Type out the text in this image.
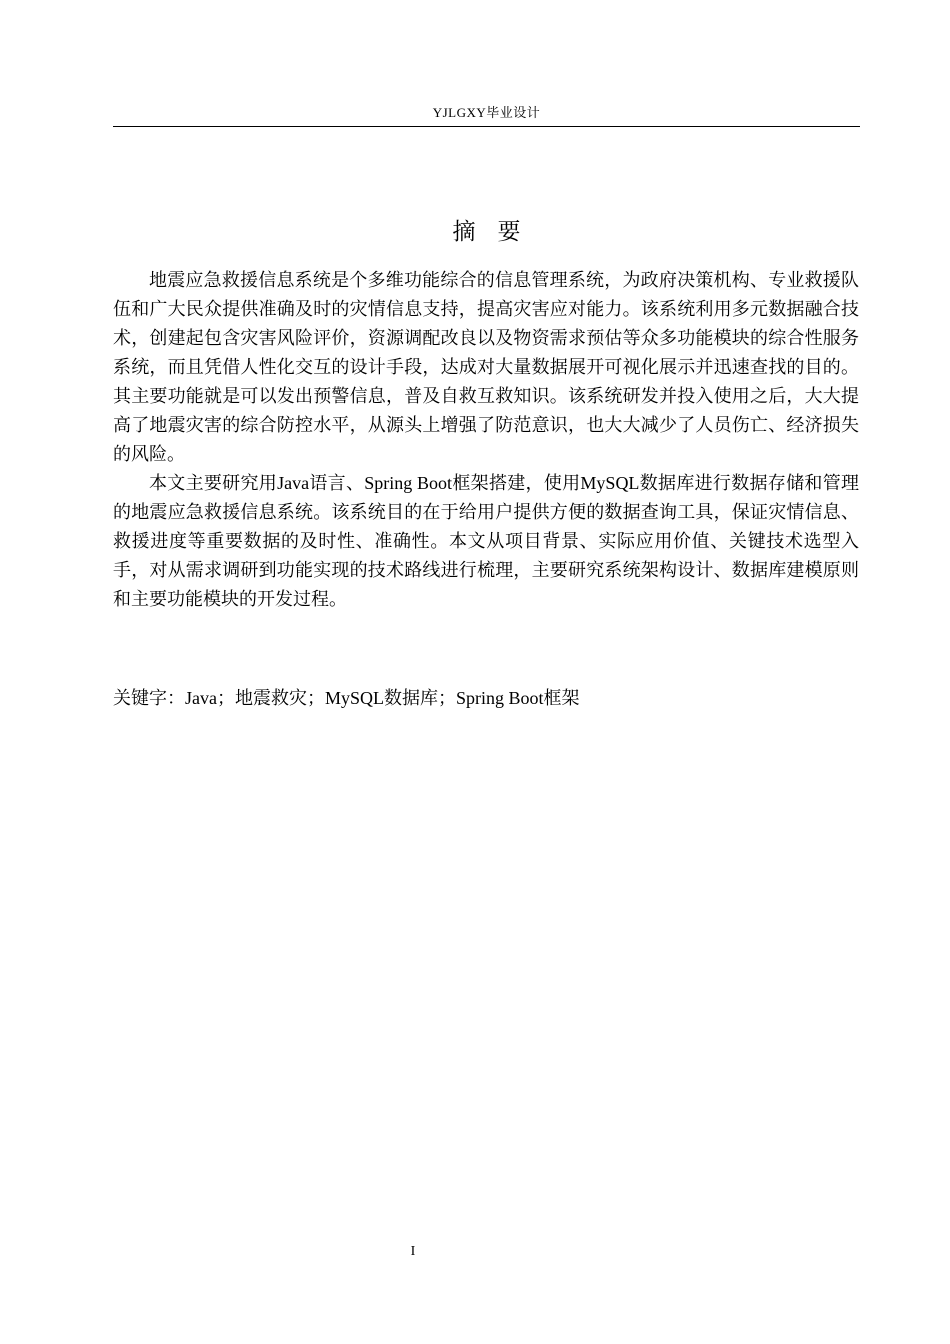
YJLGXY毕业设计
摘要

地震应急救援信息系统是个多维功能综合的信息管理系统，为政府决策机构、专业救援队伍和广大民众提供准确及时的灾情信息支持，提高灾害应对能力。该系统利用多元数据融合技术，创建起包含灾害风险评价，资源调配改良以及物资需求预估等众多功能模块的综合性服务系统，而且凭借人性化交互的设计手段，达成对大量数据展开可视化展示并迅速查找的目的。其主要功能就是可以发出预警信息，普及自救互救知识。该系统研发并投入使用之后，大大提高了地震灾害的综合防控水平，从源头上增强了防范意识，也大大减少了人员伤亡、经济损失的风险。

本文主要研究用Java语言、Spring Boot框架搭建，使用MySQL数据库进行数据存储和管理的地震应急救援信息系统。该系统目的在于给用户提供方便的数据查询工具，保证灾情信息、救援进度等重要数据的及时性、准确性。本文从项目背景、实际应用价值、关键技术选型入手，对从需求调研到功能实现的技术路线进行梳理，主要研究系统架构设计、数据库建模原则和主要功能模块的开发过程。

关键字：Java；地震救灾；MySQL数据库；Spring Boot框架
I
